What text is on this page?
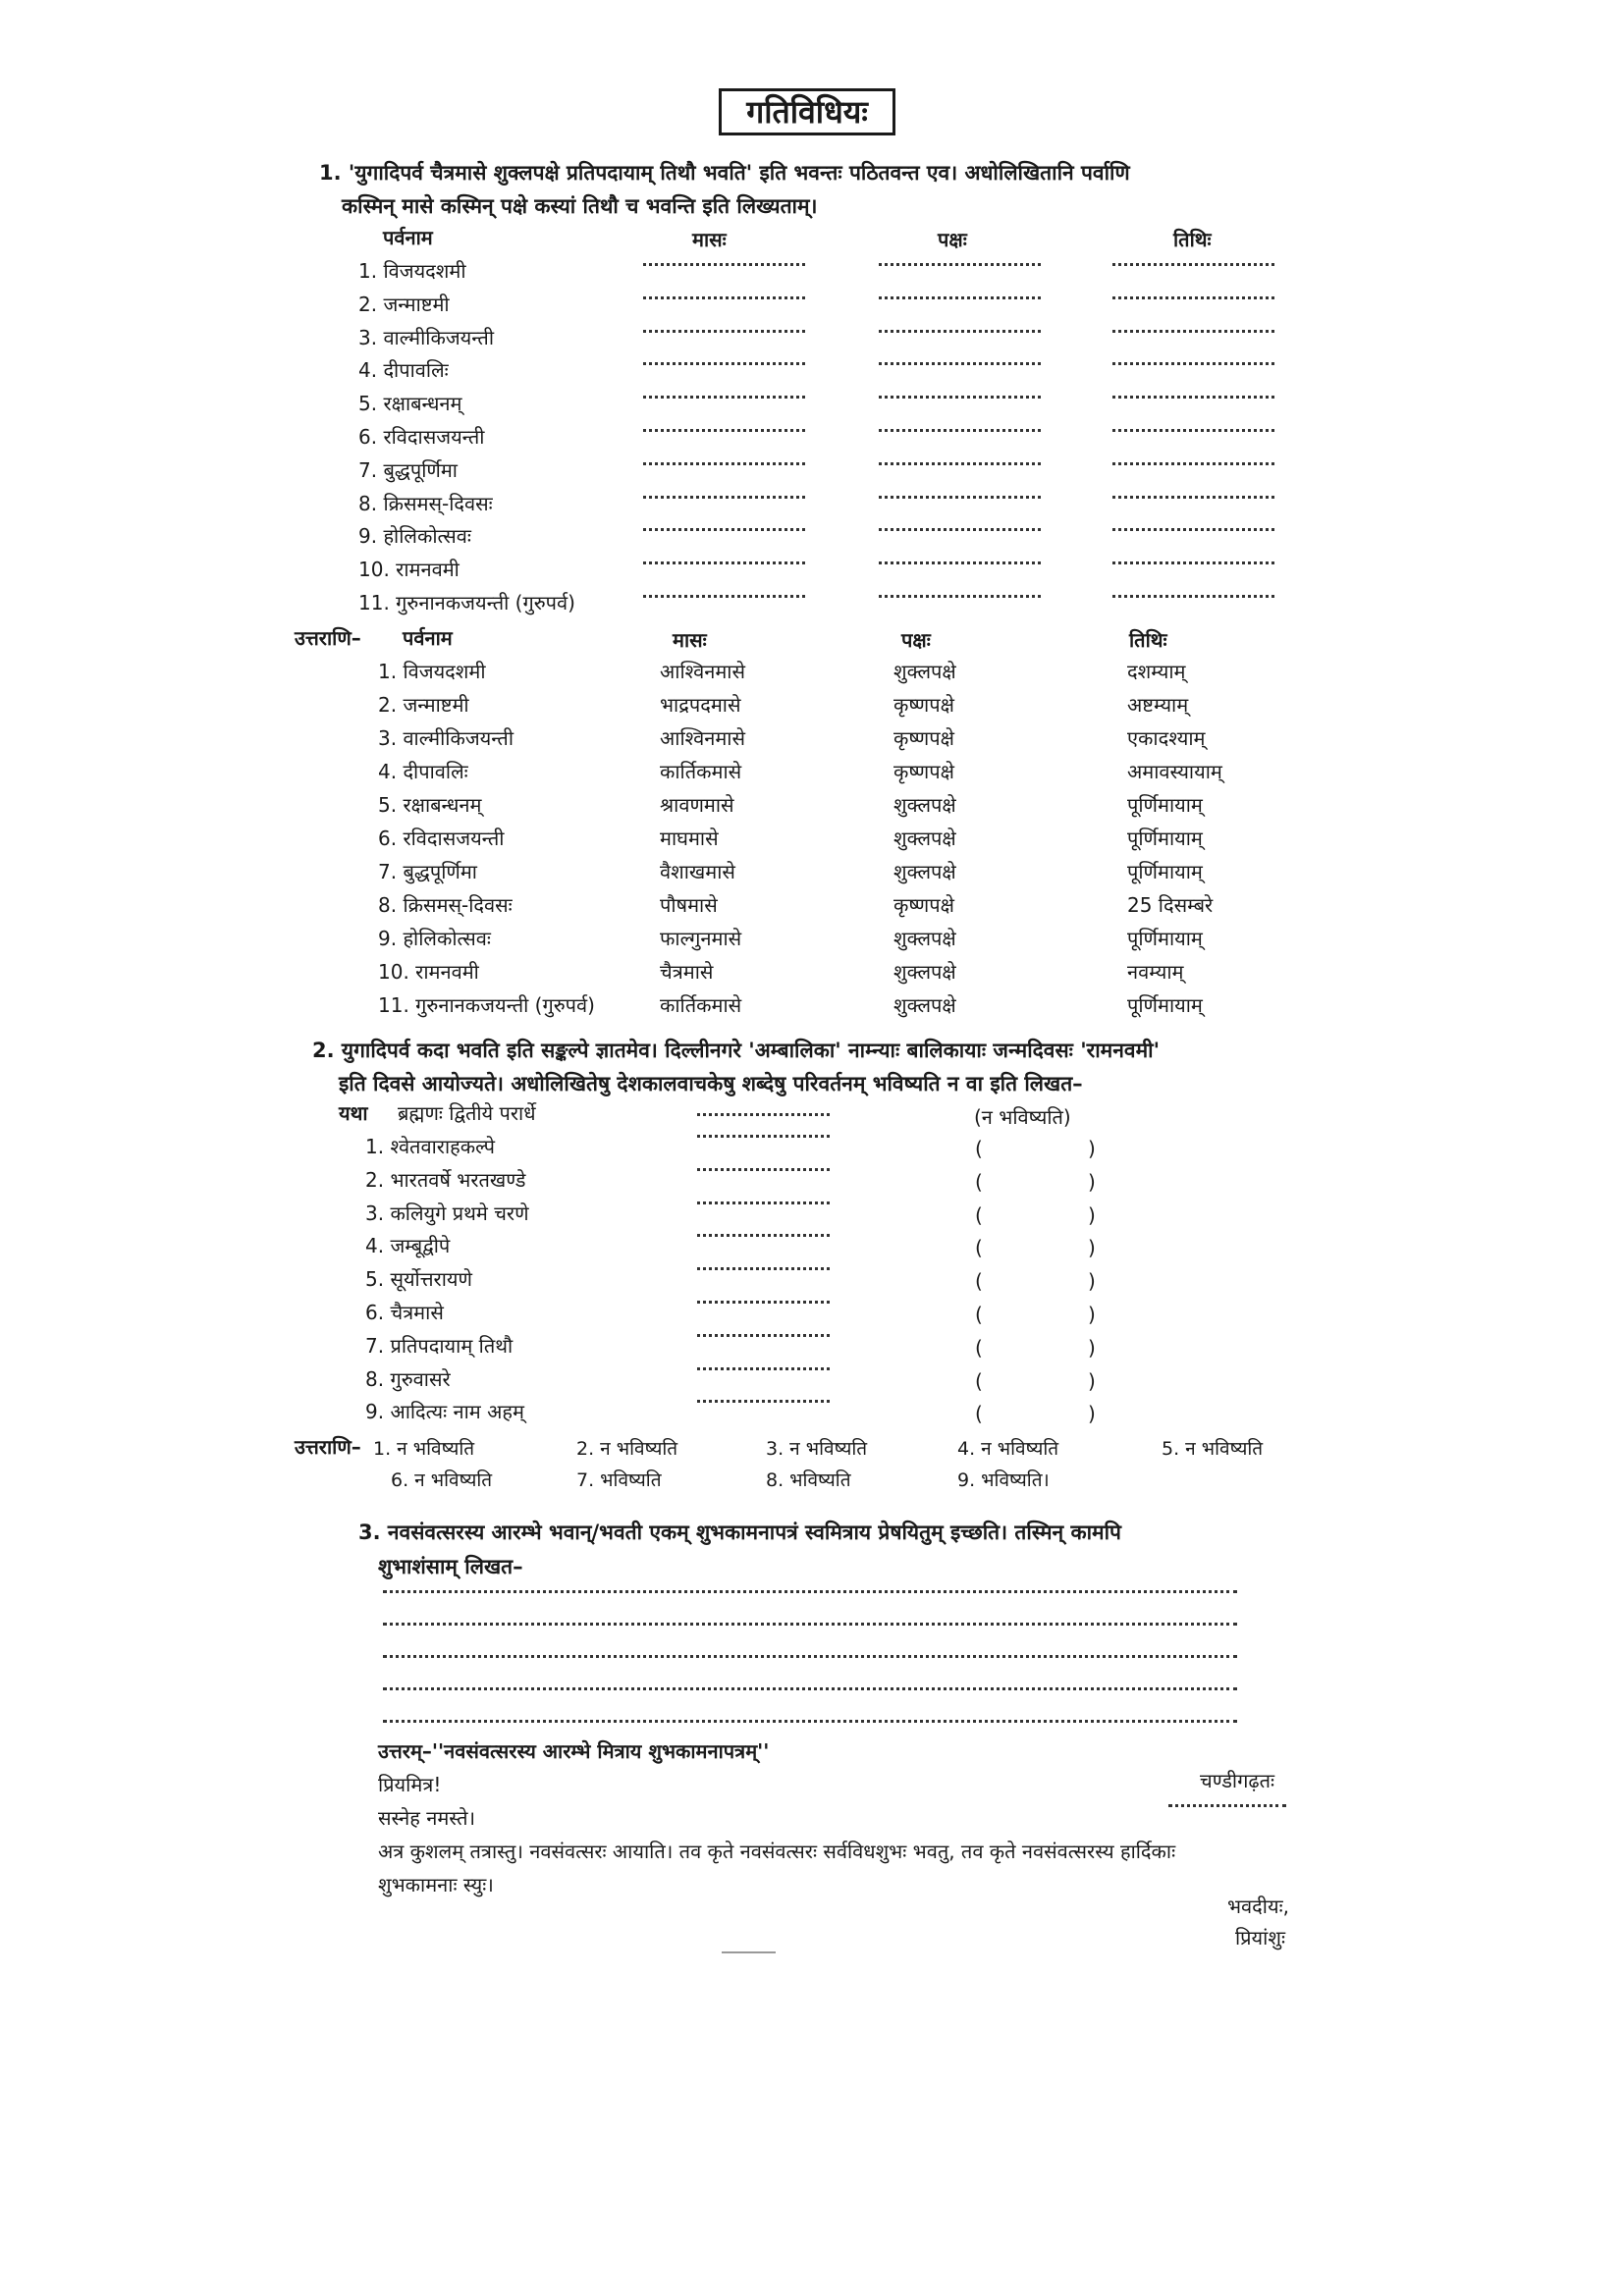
गतिविधियः
1. 'युगादिपर्व चैत्रमासे शुक्लपक्षे प्रतिपदायाम् तिथौ भवति' इति भवन्तः पठितवन्त एव। अधोलिखितानि पर्वाणि
कस्मिन् मासे कस्मिन् पक्षे कस्यां तिथौ च भवन्ति इति लिख्यताम्।
पर्वनाम	मासः	पक्षः	तिथिः
1. विजयदशमी
2. जन्माष्टमी
3. वाल्मीकिजयन्ती
4. दीपावलिः
5. रक्षाबन्धनम्
6. रविदासजयन्ती
7. बुद्धपूर्णिमा
8. क्रिसमस्-दिवसः
9. होलिकोत्सवः
10. रामनवमी
11. गुरुनानकजयन्ती (गुरुपर्व)
उत्तराणि– पर्वनाम	मासः	पक्षः	तिथिः
1. विजयदशमी	आश्विनमासे	शुक्लपक्षे	दशम्याम्
2. जन्माष्टमी	भाद्रपदमासे	कृष्णपक्षे	अष्टम्याम्
3. वाल्मीकिजयन्ती	आश्विनमासे	कृष्णपक्षे	एकादश्याम्
4. दीपावलिः	कार्तिकमासे	कृष्णपक्षे	अमावस्यायाम्
5. रक्षाबन्धनम्	श्रावणमासे	शुक्लपक्षे	पूर्णिमायाम्
6. रविदासजयन्ती	माघमासे	शुक्लपक्षे	पूर्णिमायाम्
7. बुद्धपूर्णिमा	वैशाखमासे	शुक्लपक्षे	पूर्णिमायाम्
8. क्रिसमस्-दिवसः	पौषमासे	कृष्णपक्षे	25 दिसम्बरे
9. होलिकोत्सवः	फाल्गुनमासे	शुक्लपक्षे	पूर्णिमायाम्
10. रामनवमी	चैत्रमासे	शुक्लपक्षे	नवम्याम्
11. गुरुनानकजयन्ती (गुरुपर्व)	कार्तिकमासे	शुक्लपक्षे	पूर्णिमायाम्
2. युगादिपर्व कदा भवति इति सङ्कल्पे ज्ञातमेव। दिल्लीनगरे 'अम्बालिका' नाम्न्याः बालिकायाः जन्मदिवसः 'रामनवमी'
इति दिवसे आयोज्यते। अधोलिखितेषु देशकालवाचकेषु शब्देषु परिवर्तनम् भविष्यति न वा इति लिखत–
यथा ब्रह्मणः द्वितीये परार्धे	(न भविष्यति)
1. श्वेतवाराहकल्पे	(	)
2. भारतवर्षे भरतखण्डे	(	)
3. कलियुगे प्रथमे चरणे	(	)
4. जम्बूद्वीपे	(	)
5. सूर्योत्तरायणे	(	)
6. चैत्रमासे	(	)
7. प्रतिपदायाम् तिथौ	(	)
8. गुरुवासरे	(	)
9. आदित्यः नाम अहम्	(	)
उत्तराणि– 1. न भविष्यति	2. न भविष्यति	3. न भविष्यति	4. न भविष्यति	5. न भविष्यति
6. न भविष्यति	7. भविष्यति	8. भविष्यति	9. भविष्यति।
3. नवसंवत्सरस्य आरम्भे भवान्/भवती एकम् शुभकामनापत्रं स्वमित्राय प्रेषयितुम् इच्छति। तस्मिन् कामपि
शुभाशंसाम् लिखत–
उत्तरम्–''नवसंवत्सरस्य आरम्भे मित्राय शुभकामनापत्रम्''
चण्डीगढ़तः
प्रियमित्र!
सस्नेह नमस्ते।
अत्र कुशलम् तत्रास्तु। नवसंवत्सरः आयाति। तव कृते नवसंवत्सरः सर्वविधशुभः भवतु, तव कृते नवसंवत्सरस्य हार्दिकाः
शुभकामनाः स्युः।
भवदीयः,
प्रियांशुः
